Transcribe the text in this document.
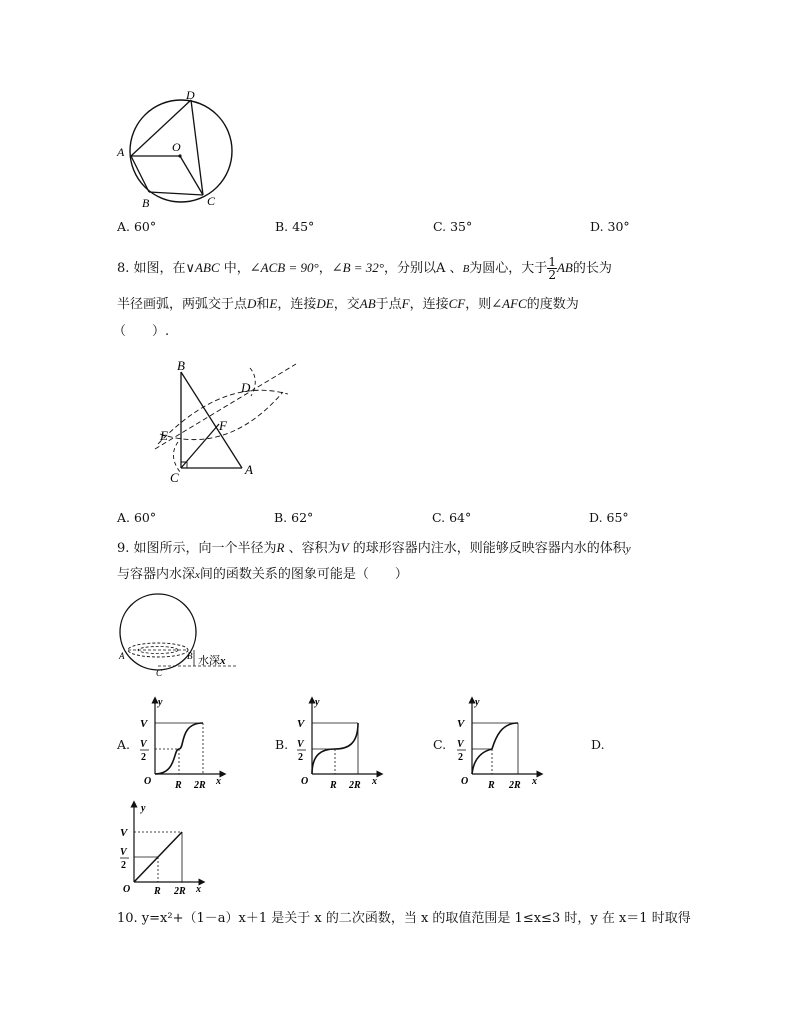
D
A	O
B	C
A. 60°	B. 45°	C. 35°	D. 30°
8. 如图，在∨ABC 中，∠ACB = 90°，∠B = 32°，分别以A 、B为圆心，大于 $\frac{1}{2}$ AB的长为
半径画弧，两弧交于点D和E，连接DE，交AB于点F，连接CF，则∠AFC的度数为
（　　）.
B
D
E
F
C
A
A. 60°	B. 62°	C. 64°	D. 65°
9. 如图所示，向一个半径为R 、容积为V 的球形容器内注水，则能够反映容器内水的体积y
与容器内水深x间的函数关系的图象可能是（　　）
A	B
C
水深x
A.	B.	C.	D.
y
V
V
2
O R 2R x
y
V
V
2
O R 2R x
y
V
V
2
O R 2R x
y
V
V
2
O R 2R x
10. y=x²+（1－a）x＋1 是关于 x 的二次函数，当 x 的取值范围是 1≤x≤3 时，y 在 x＝1 时取得
